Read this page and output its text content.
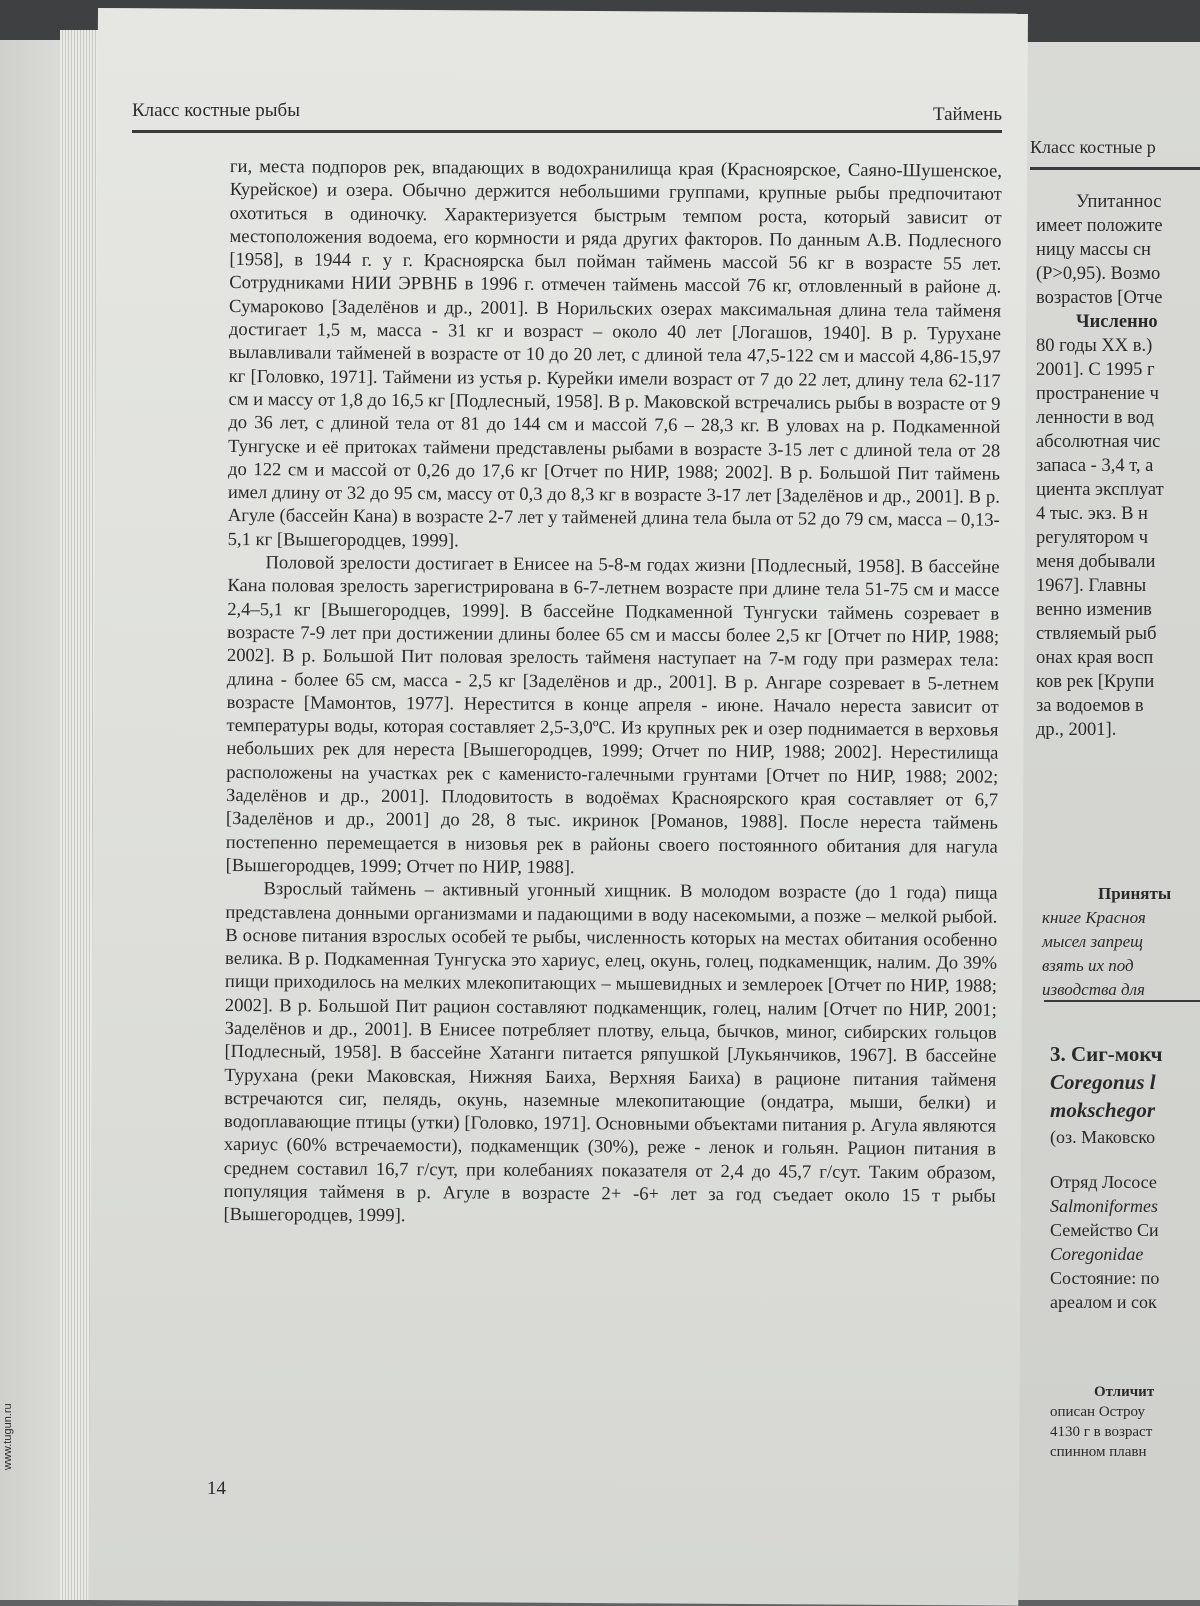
Класс костные р
Упитаннос
имеет положите
ницу массы сн
(P>0,95). Возмо
возрастов [Отче
Численно
80 годы XX в.)
2001]. С 1995 г
пространение ч
ленности в вод
абсолютная чис
запаса - 3,4 т, а
циента эксплуат
4 тыс. экз. В н
регулятором ч
меня добывали
1967]. Главны
венно изменив
ствляемый рыб
онах края восп
ков рек [Крупи
за водоемов в
др., 2001].
Приняты
книге Красноя
мысел запрещ
взять их под
изводства для
3. Сиг-мокч
Coregonus l
mokschegor
(оз. Маковско
Отряд Лососе
Salmoniformes
Семейство Си
Coregonidae
Состояние: по
ареалом и сок
Отличит
описан Остроу
4130 г в возраст
спинном плавн
Класс костные рыбы	Таймень

ги, места подпоров рек, впадающих в водохранилища края (Красноярское, Саяно-Шушенское, Курейское) и озера. Обычно держится небольшими группами, крупные рыбы предпочитают охотиться в одиночку. Характеризуется быстрым темпом роста, который зависит от местоположения водоема, его кормности и ряда других факторов. По данным А.В. Подлесного [1958], в 1944 г. у г. Красноярска был пойман таймень массой 56 кг в возрасте 55 лет. Сотрудниками НИИ ЭРВНБ в 1996 г. отмечен таймень массой 76 кг, отловленный в районе д. Сумароково [Заделёнов и др., 2001]. В Норильских озерах максимальная длина тела тайменя достигает 1,5 м, масса - 31 кг и возраст – около 40 лет [Логашов, 1940]. В р. Турухане вылавливали тайменей в возрасте от 10 до 20 лет, с длиной тела 47,5-122 см и массой 4,86-15,97 кг [Головко, 1971]. Таймени из устья р. Курейки имели возраст от 7 до 22 лет, длину тела 62-117 см и массу от 1,8 до 16,5 кг [Подлесный, 1958]. В р. Маковской встречались рыбы в возрасте от 9 до 36 лет, с длиной тела от 81 до 144 см и массой 7,6 – 28,3 кг. В уловах на р. Подкаменной Тунгуске и её притоках таймени представлены рыбами в возрасте 3-15 лет с длиной тела от 28 до 122 см и массой от 0,26 до 17,6 кг [Отчет по НИР, 1988; 2002]. В р. Большой Пит таймень имел длину от 32 до 95 см, массу от 0,3 до 8,3 кг в возрасте 3-17 лет [Заделёнов и др., 2001]. В р. Агуле (бассейн Кана) в возрасте 2-7 лет у тайменей длина тела была от 52 до 79 см, масса – 0,13-5,1 кг [Вышегородцев, 1999].

Половой зрелости достигает в Енисее на 5-8-м годах жизни [Подлесный, 1958]. В бассейне Кана половая зрелость зарегистрирована в 6-7-летнем возрасте при длине тела 51-75 см и массе 2,4–5,1 кг [Вышегородцев, 1999]. В бассейне Подкаменной Тунгуски таймень созревает в возрасте 7-9 лет при достижении длины более 65 см и массы более 2,5 кг [Отчет по НИР, 1988; 2002]. В р. Большой Пит половая зрелость тайменя наступает на 7-м году при размерах тела: длина - более 65 см, масса - 2,5 кг [Заделёнов и др., 2001]. В р. Ангаре созревает в 5-летнем возрасте [Мамонтов, 1977]. Нерестится в конце апреля - июне. Начало нереста зависит от температуры воды, которая составляет 2,5-3,0ºС. Из крупных рек и озер поднимается в верховья небольших рек для нереста [Вышегородцев, 1999; Отчет по НИР, 1988; 2002]. Нерестилища расположены на участках рек с каменисто-галечными грунтами [Отчет по НИР, 1988; 2002; Заделёнов и др., 2001]. Плодовитость в водоёмах Красноярского края составляет от 6,7 [Заделёнов и др., 2001] до 28, 8 тыс. икринок [Романов, 1988]. После нереста таймень постепенно перемещается в низовья рек в районы своего постоянного обитания для нагула [Вышегородцев, 1999; Отчет по НИР, 1988].

Взрослый таймень – активный угонный хищник. В молодом возрасте (до 1 года) пища представлена донными организмами и падающими в воду насекомыми, а позже – мелкой рыбой. В основе питания взрослых особей те рыбы, численность которых на местах обитания особенно велика. В р. Подкаменная Тунгуска это хариус, елец, окунь, голец, подкаменщик, налим. До 39% пищи приходилось на мелких млекопитающих – мышевидных и землероек [Отчет по НИР, 1988; 2002]. В р. Большой Пит рацион составляют подкаменщик, голец, налим [Отчет по НИР, 2001; Заделёнов и др., 2001]. В Енисее потребляет плотву, ельца, бычков, миног, сибирских гольцов [Подлесный, 1958]. В бассейне Хатанги питается ряпушкой [Лукьянчиков, 1967]. В бассейне Турухана (реки Маковская, Нижняя Баиха, Верхняя Баиха) в рационе питания тайменя встречаются сиг, пелядь, окунь, наземные млекопитающие (ондатра, мыши, белки) и водоплавающие птицы (утки) [Головко, 1971]. Основными объектами питания р. Агула являются хариус (60% встречаемости), подкаменщик (30%), реже - ленок и гольян. Рацион питания в среднем составил 16,7 г/сут, при колебаниях показателя от 2,4 до 45,7 г/сут. Таким образом, популяция тайменя в р. Агуле в возрасте 2+ -6+ лет за год съедает около 15 т рыбы [Вышегородцев, 1999].

14
www.tugun.ru
